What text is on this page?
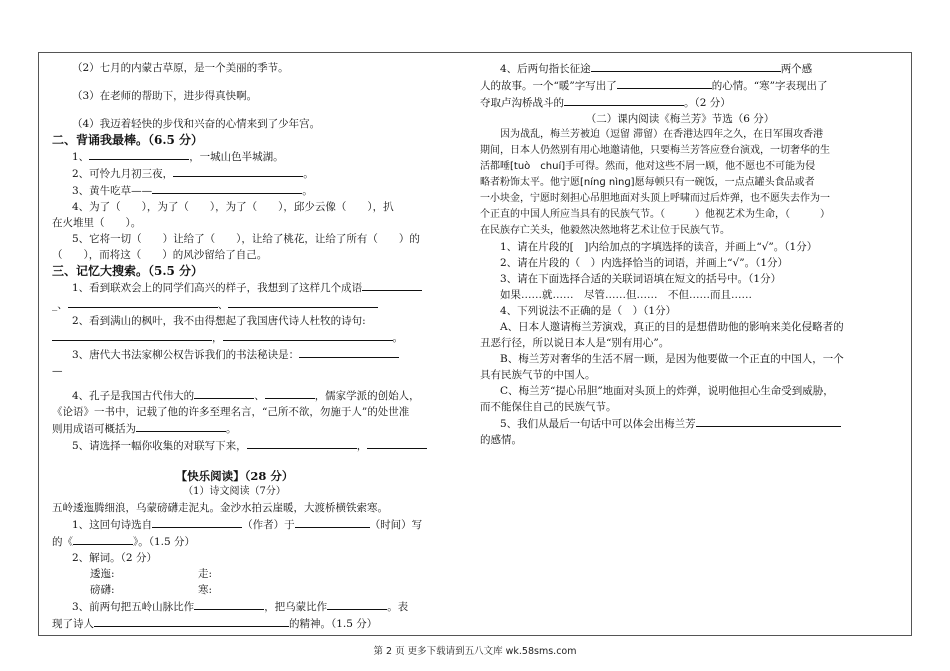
（2）七月的内蒙古草原，是一个美丽的季节。

（3）在老师的帮助下，进步得真快啊。

（4）我迈着轻快的步伐和兴奋的心情来到了少年宫。

二、背诵我最棒。（6.5 分）

1、	，一城山色半城湖。

2、可怜九月初三夜，	。

3、黄牛吃草——	。

4、为了（　　），为了（　　），为了（　　），邱少云像（　　），扒

在火堆里（　　）。

5、它将一切（　　）让给了（　　），让给了桃花，让给了所有（　　）的

（　　），而将这（　　）的风沙留给了自己。

三、记忆大搜索。（5.5 分）

1、看到联欢会上的同学们高兴的样子，我想到了这样几个成语

_、	、

2、看到满山的枫叶，我不由得想起了我国唐代诗人杜牧的诗句:

，	。

3、唐代大书法家柳公权告诉我们的书法秘诀是：

—

4、孔子是我国古代伟大的	、	，儒家学派的创始人，

《论语》一书中，记载了他的许多至理名言，“己所不欲，勿施于人”的处世准

则用成语可概括为	。

5、请选择一幅你收集的对联写下来，	，

【快乐阅读】（28 分）

（1）诗文阅读（7分）

五岭逶迤腾细浪，乌蒙磅礴走泥丸。金沙水拍云崖暖，大渡桥横铁索寒。

1、这回句诗选自	（作者）于	（时间）写

的《	》。（1.5 分）

2、解词。（2 分）

逶迤:	走:

磅礴:	寒:

3、前两句把五岭山脉比作	，把乌蒙比作	。表

现了诗人	的精神。（1.5 分）

4、后两句指长征途	两个感

人的故事。一个“暖”字写出了	的心情。“寒”字表现出了

夺取卢沟桥战斗的	。（2 分）

（二）课内阅读《梅兰芳》节选（6 分）

因为战乱，梅兰芳被迫（逗留 滞留）在香港达四年之久，在日军围攻香港

期间，日本人仍然别有用心地邀请他，只要梅兰芳答应登台演戏，一切奢华的生

活都唾[tuò　chuí]手可得。然而，他对这些不屑一顾，他不愿也不可能为侵

略者粉饰太平。他宁愿[nínɡ nìnɡ]愿每顿只有一碗饭，一点点罐头食品或者

一小块金，宁愿时刻担心吊胆地面对头顶上呼啸而过后炸弹，也不愿失去作为一

个正直的中国人所应当具有的民族气节。（　　　）他视艺术为生命，（　　　）

在民族存亡关头，他毅然决然地将艺术让位于民族气节。

1、请在片段的[　]内给加点的字填选择的读音，并画上“√”。（1分）

2、请在片段的（　）内选择恰当的词语，并画上“√”。（1分）

3、请在下面选择合适的关联词语填在短文的括号中。（1分）

如果……就……　尽管……但……　不但……而且……

4、下列说法不正确的是（　）（1分）

A、日本人邀请梅兰芳演戏，真正的目的是想借助他的影响来美化侵略者的

丑恶行径，所以说日本人是“别有用心”。

B、梅兰芳对奢华的生活不屑一顾，是因为他要做一个正直的中国人，一个

具有民族气节的中国人。

C、梅兰芳“提心吊胆”地面对头顶上的炸弹，说明他担心生命受到威胁，

而不能保住自己的民族气节。

5、我们从最后一句话中可以体会出梅兰芳

的感情。

第 2 页 更多下载请到五八文库 wk.58sms.com
